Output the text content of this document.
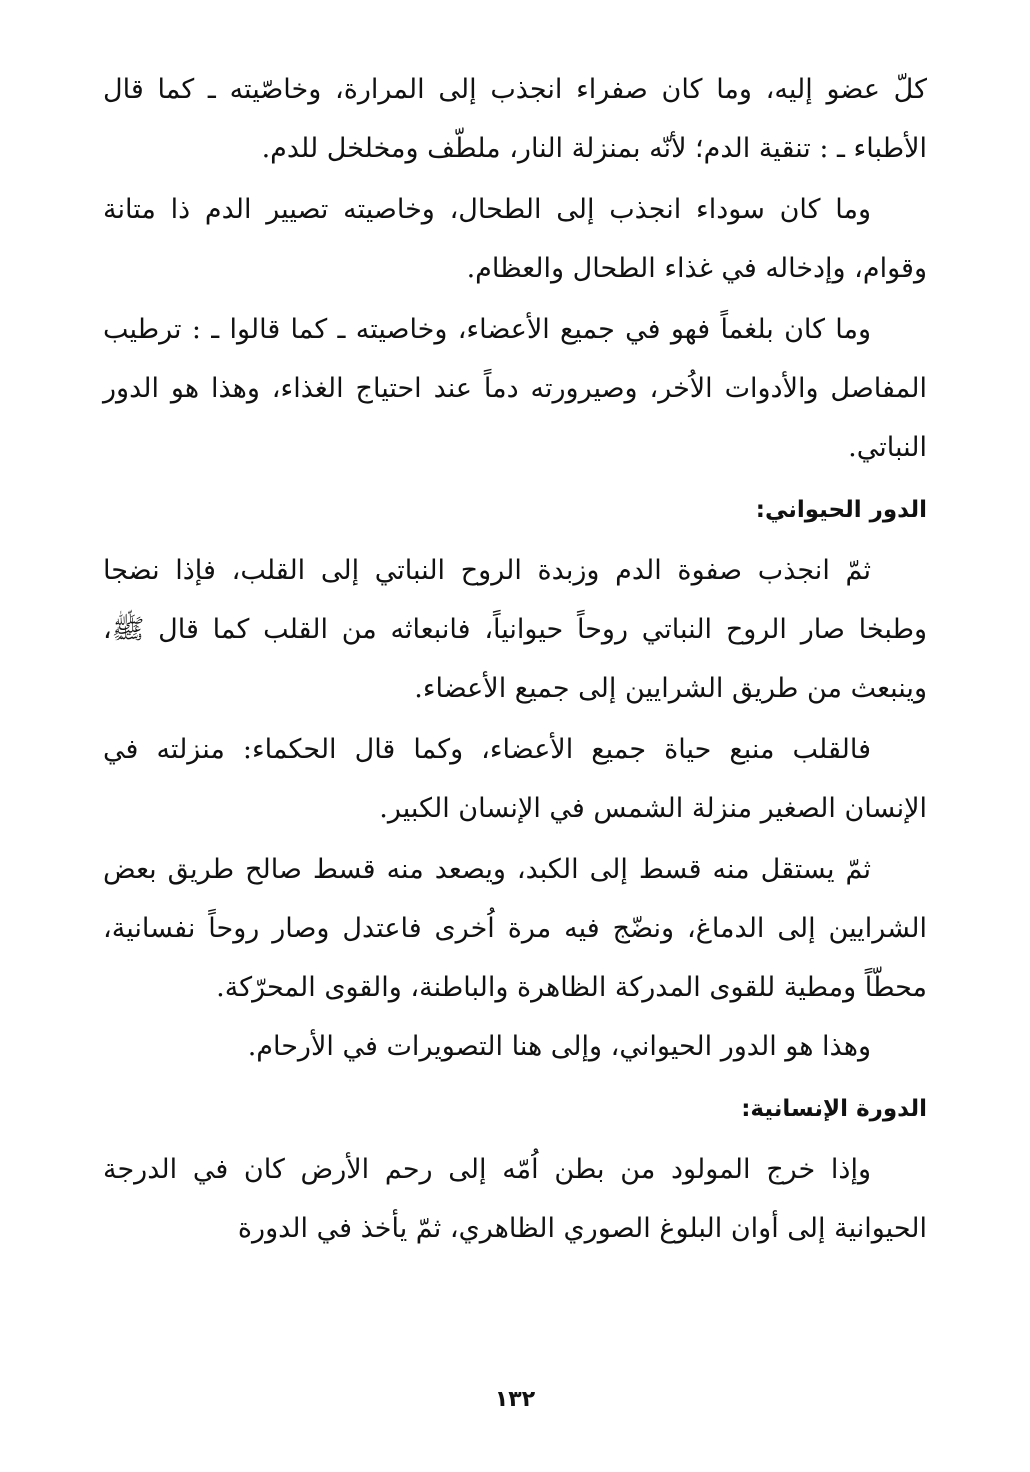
كلّ عضو إليه، وما كان صفراء انجذب إلى المرارة، وخاصّيته ـ كما قال الأطباء ـ : تنقية الدم؛ لأنّه بمنزلة النار، ملطّف ومخلخل للدم.

وما كان سوداء انجذب إلى الطحال، وخاصيته تصيير الدم ذا متانة وقوام، وإدخاله في غذاء الطحال والعظام.

وما كان بلغماً فهو في جميع الأعضاء، وخاصيته ـ كما قالوا ـ : ترطيب المفاصل والأدوات الاُخر، وصيرورته دماً عند احتياج الغذاء، وهذا هو الدور النباتي.

الدور الحيواني:

ثمّ انجذب صفوة الدم وزبدة الروح النباتي إلى القلب، فإذا نضجا وطبخا صار الروح النباتي روحاً حيوانياً، فانبعاثه من القلب كما قال ﷺ، وينبعث من طريق الشرايين إلى جميع الأعضاء.

فالقلب منبع حياة جميع الأعضاء، وكما قال الحكماء: منزلته في الإنسان الصغير منزلة الشمس في الإنسان الكبير.

ثمّ يستقل منه قسط إلى الكبد، ويصعد منه قسط صالح طريق بعض الشرايين إلى الدماغ، ونضّج فيه مرة اُخرى فاعتدل وصار روحاً نفسانية، محطّاً ومطية للقوى المدركة الظاهرة والباطنة، والقوى المحرّكة.

وهذا هو الدور الحيواني، وإلى هنا التصويرات في الأرحام.

الدورة الإنسانية:

وإذا خرج المولود من بطن اُمّه إلى رحم الأرض كان في الدرجة الحيوانية إلى أوان البلوغ الصوري الظاهري، ثمّ يأخذ في الدورة

١٣٢
